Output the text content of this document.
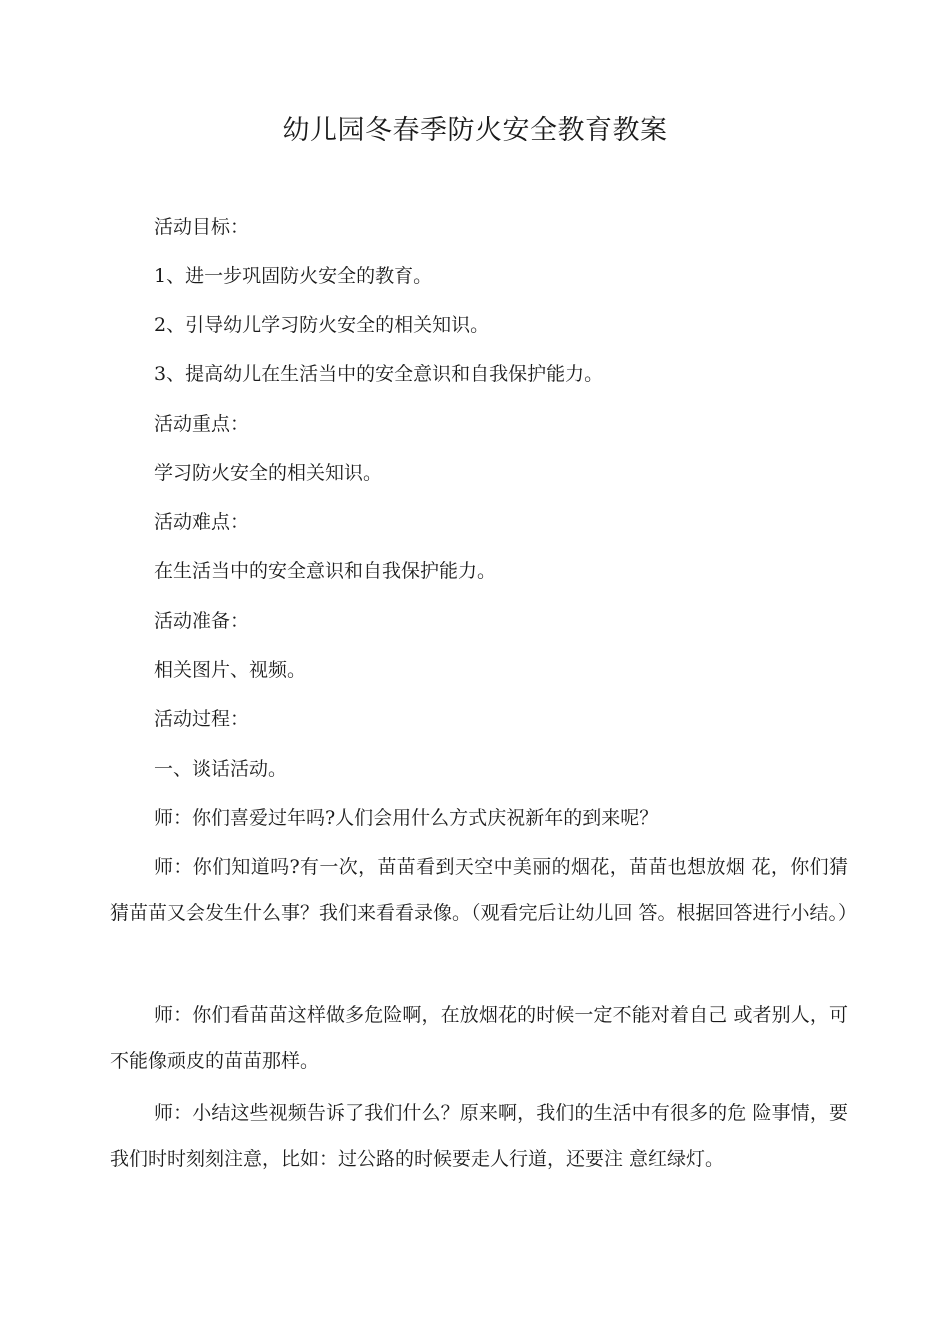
幼儿园冬春季防火安全教育教案

活动目标：

1、进一步巩固防火安全的教育。

2、引导幼儿学习防火安全的相关知识。

3、提高幼儿在生活当中的安全意识和自我保护能力。

活动重点：

学习防火安全的相关知识。

活动难点：

在生活当中的安全意识和自我保护能力。

活动准备：

相关图片、视频。

活动过程：

一、谈话活动。

师：你们喜爱过年吗?人们会用什么方式庆祝新年的到来呢？

师：你们知道吗?有一次，苗苗看到天空中美丽的烟花，苗苗也想放烟 花，你们猜猜苗苗又会发生什么事？我们来看看录像。（观看完后让幼儿回 答。根据回答进行小结。）

师：你们看苗苗这样做多危险啊，在放烟花的时候一定不能对着自己 或者别人，可不能像顽皮的苗苗那样。

师：小结这些视频告诉了我们什么？原来啊，我们的生活中有很多的危 险事情，要我们时时刻刻注意，比如：过公路的时候要走人行道，还要注 意红绿灯。
